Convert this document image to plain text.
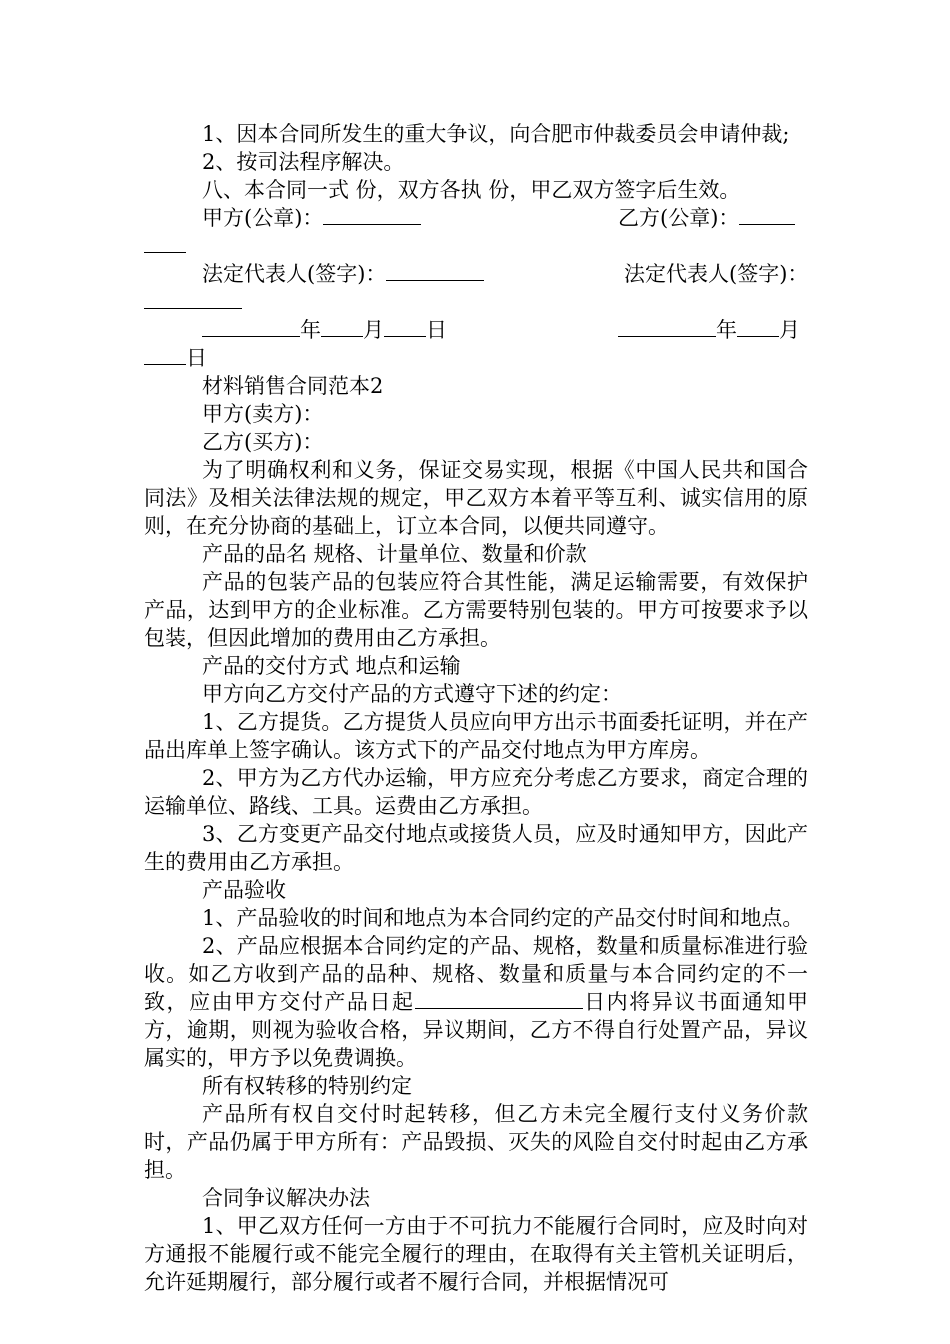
1、因本合同所发生的重大争议，向合肥市仲裁委员会申请仲裁;

2、按司法程序解决。

八、本合同一式 份，双方各执 份，甲乙双方签字后生效。

甲方(公章)：	乙方(公章)：
法定代表人(签字)：	法定代表人(签字)：
年 月 日	年 月
日

材料销售合同范本2

甲方(卖方)：

乙方(买方)：

为了明确权利和义务，保证交易实现，根据《中国人民共和国合同法》及相关法律法规的规定，甲乙双方本着平等互利、诚实信用的原则，在充分协商的基础上，订立本合同，以便共同遵守。

产品的品名 规格、计量单位、数量和价款

产品的包装产品的包装应符合其性能，满足运输需要，有效保护产品，达到甲方的企业标准。乙方需要特别包装的。甲方可按要求予以包装，但因此增加的费用由乙方承担。

产品的交付方式 地点和运输

甲方向乙方交付产品的方式遵守下述的约定：

1、乙方提货。乙方提货人员应向甲方出示书面委托证明，并在产品出库单上签字确认。该方式下的产品交付地点为甲方库房。

2、甲方为乙方代办运输，甲方应充分考虑乙方要求，商定合理的运输单位、路线、工具。运费由乙方承担。

3、乙方变更产品交付地点或接货人员，应及时通知甲方，因此产生的费用由乙方承担。

产品验收

1、产品验收的时间和地点为本合同约定的产品交付时间和地点。

2、产品应根据本合同约定的产品、规格，数量和质量标准进行验收。如乙方收到产品的品种、规格、数量和质量与本合同约定的不一致，应由甲方交付产品日起	日内将异议书面通知甲方，逾期，则视为验收合格，异议期间，乙方不得自行处置产品，异议属实的，甲方予以免费调换。

所有权转移的特别约定

产品所有权自交付时起转移，但乙方未完全履行支付义务价款时，产品仍属于甲方所有：产品毁损、灭失的风险自交付时起由乙方承担。

合同争议解决办法

1、甲乙双方任何一方由于不可抗力不能履行合同时，应及时向对方通报不能履行或不能完全履行的理由，在取得有关主管机关证明后，允许延期履行，部分履行或者不履行合同，并根据情况可
